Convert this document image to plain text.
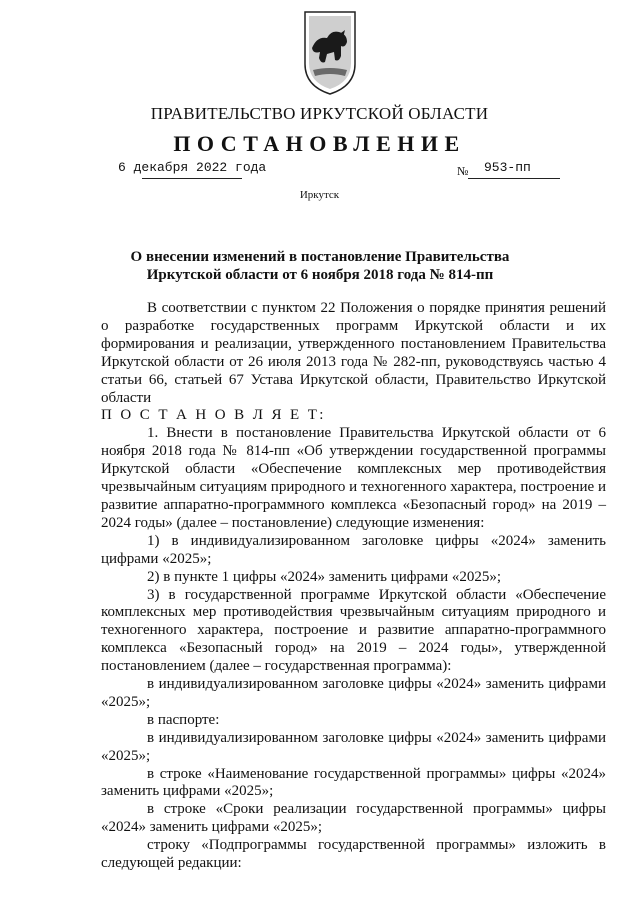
ПРАВИТЕЛЬСТВО ИРКУТСКОЙ ОБЛАСТИ
ПОСТАНОВЛЕНИЕ
6 декабря 2022 года	№ 953-пп
Иркутск
О внесении изменений в постановление Правительства Иркутской области от 6 ноября 2018 года № 814-пп

В соответствии с пунктом 22 Положения о порядке принятия решений о разработке государственных программ Иркутской области и их формирования и реализации, утвержденного постановлением Правительства Иркутской области от 26 июля 2013 года № 282-пп, руководствуясь частью 4 статьи 66, статьей 67 Устава Иркутской области, Правительство Иркутской области

П О С Т А Н О В Л Я Е Т:

1. Внести в постановление Правительства Иркутской области от 6 ноября 2018 года № 814-пп «Об утверждении государственной программы Иркутской области «Обеспечение комплексных мер противодействия чрезвычайным ситуациям природного и техногенного характера, построение и развитие аппаратно-программного комплекса «Безопасный город» на 2019 – 2024 годы» (далее – постановление) следующие изменения:

1) в индивидуализированном заголовке цифры «2024» заменить цифрами «2025»;

2) в пункте 1 цифры «2024» заменить цифрами «2025»;

3) в государственной программе Иркутской области «Обеспечение комплексных мер противодействия чрезвычайным ситуациям природного и техногенного характера, построение и развитие аппаратно-программного комплекса «Безопасный город» на 2019 – 2024 годы», утвержденной постановлением (далее – государственная программа):

в индивидуализированном заголовке цифры «2024» заменить цифрами «2025»;

в паспорте:

в индивидуализированном заголовке цифры «2024» заменить цифрами «2025»;

в строке «Наименование государственной программы» цифры «2024» заменить цифрами «2025»;

в строке «Сроки реализации государственной программы» цифры «2024» заменить цифрами «2025»;

строку «Подпрограммы государственной программы» изложить в следующей редакции:
